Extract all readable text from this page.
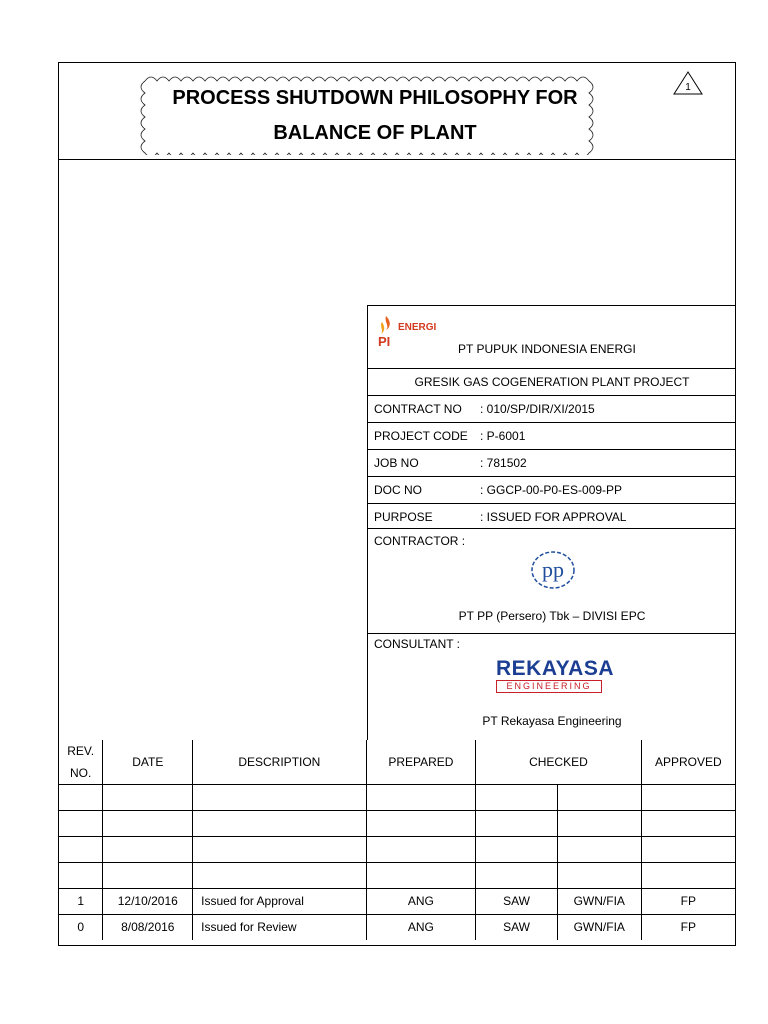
PROCESS SHUTDOWN PHILOSOPHY FOR
BALANCE OF PLANT
1
PI
ENERGI
PT PUPUK INDONESIA ENERGI
GRESIK GAS COGENERATION PLANT PROJECT
CONTRACT NO : 010/SP/DIR/XI/2015
PROJECT CODE : P-6001
JOB NO	: 781502
DOC NO	: GGCP-00-P0-ES-009-PP
PURPOSE	: ISSUED FOR APPROVAL
CONTRACTOR :
pp
PT PP (Persero) Tbk – DIVISI EPC
CONSULTANT :
REKAYASA
ENGINEERING
PT Rekayasa Engineering
REV.
NO.	DATE	DESCRIPTION	PREPARED	CHECKED		APPROVED

1	12/10/2016	Issued for Approval	ANG	SAW	GWN/FIA	FP
0	8/08/2016	Issued for Review	ANG	SAW	GWN/FIA	FP
